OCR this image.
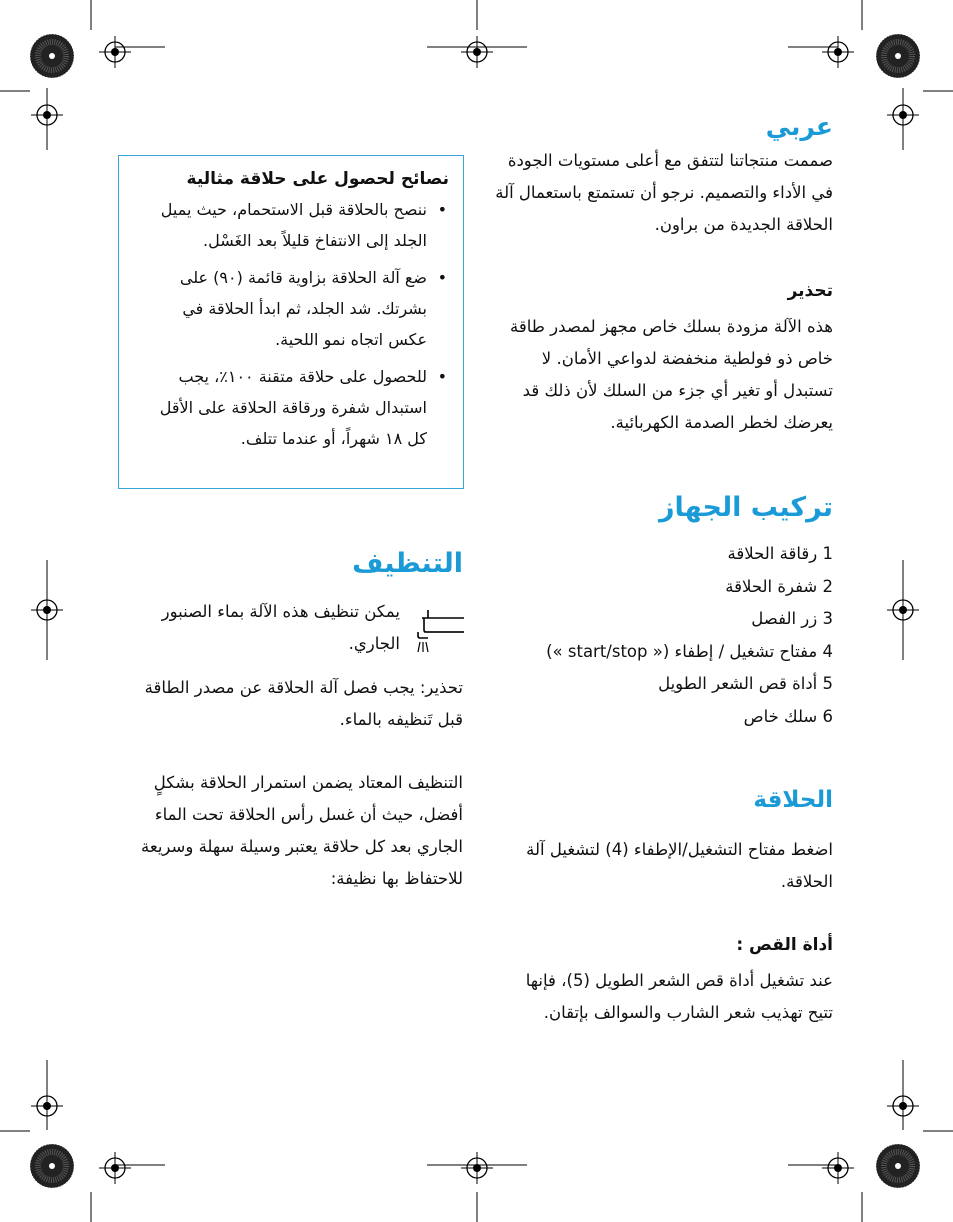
عربي

صممت منتجاتنا لتتفق مع أعلى مستويات الجودة

في الأداء والتصميم. نرجو أن تستمتع باستعمال آلة

الحلاقة الجديدة من براون.

تحذير

هذه الآلة مزودة بسلك خاص مجهز لمصدر طاقة

خاص ذو فولطية منخفضة لدواعي الأمان. لا

تستبدل أو تغير أي جزء من السلك لأن ذلك قد

يعرضك لخطر الصدمة الكهربائية.

تركيب الجهاز
1 رقاقة الحلاقة
2 شفرة الحلاقة
3 زر الفصل
4 مفتاح تشغيل / إطفاء (« start/stop »)
5 أداة قص الشعر الطويل
6 سلك خاص
الحلاقة

اضغط مفتاح التشغيل/الإطفاء (4) لتشغيل آلة

الحلاقة.

أداة القص :

عند تشغيل أداة قص الشعر الطويل (5)، فإنها

تتيح تهذيب شعر الشارب والسوالف بإتقان.

نصائح لحصول على حلاقة مثالية
•
ننصح بالحلاقة قبل الاستحمام، حيث يميل
الجلد إلى الانتفاخ قليلاً بعد الغَسْل.
•
ضع آلة الحلاقة بزاوية قائمة (٩٠) على
بشرتك. شد الجلد، ثم ابدأ الحلاقة في
عكس اتجاه نمو اللحية.
•
للحصول على حلاقة متقنة ١٠٠٪، يجب
استبدال شفرة ورقاقة الحلاقة على الأقل
كل ١٨ شهراً، أو عندما تتلف.
التنظيف

يمكن تنظيف هذه الآلة بماء الصنبور

الجاري.

تحذير: يجب فصل آلة الحلاقة عن مصدر الطاقة

قبل تَنظيفه بالماء.

التنظيف المعتاد يضمن استمرار الحلاقة بشكلٍ

أفضل، حيث أن غسل رأس الحلاقة تحت الماء

الجاري بعد كل حلاقة يعتبر وسيلة سهلة وسريعة

للاحتفاظ بها نظيفة:
